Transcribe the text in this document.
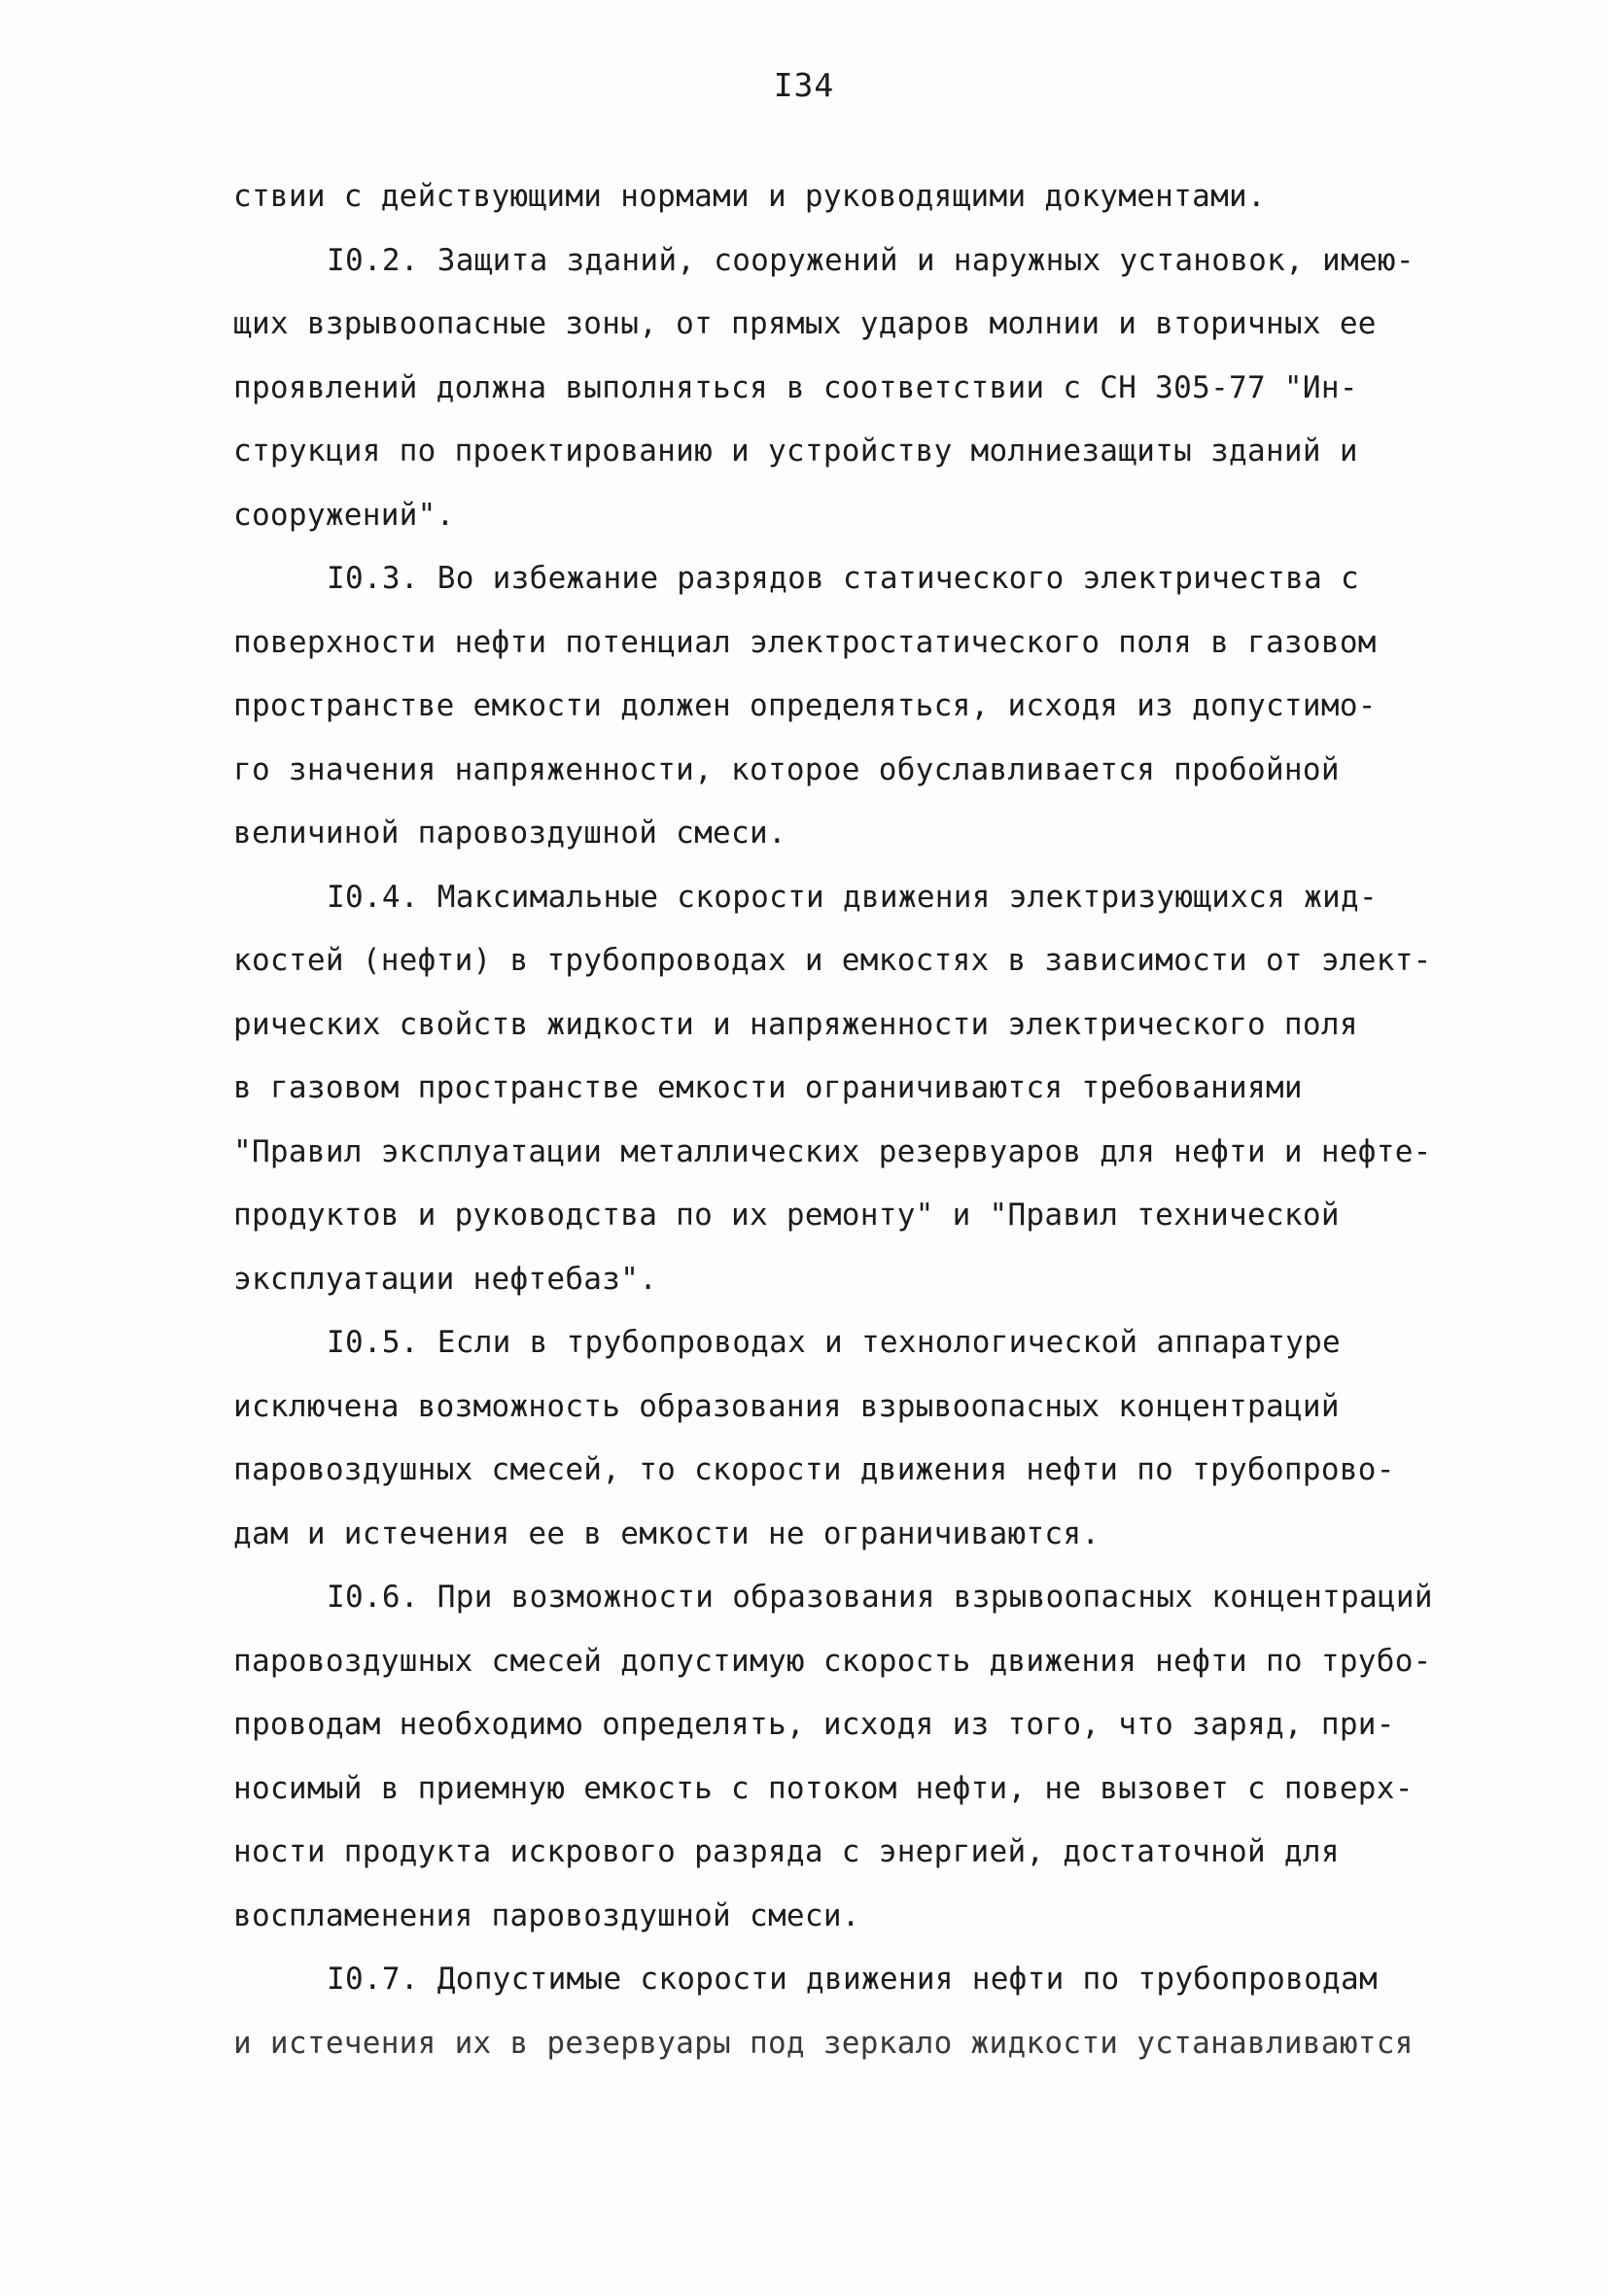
I34
ствии с действующими нормами и руководящими документами.
I0.2. Защита зданий, сооружений и наружных установок, имею-
щих взрывоопасные зоны, от прямых ударов молнии и вторичных ее
проявлений должна выполняться в соответствии с СН 305-77 "Ин-
струкция по проектированию и устройству молниезащиты зданий и
сооружений".
I0.3. Во избежание разрядов статического электричества с
поверхности нефти потенциал электростатического поля в газовом
пространстве емкости должен определяться, исходя из допустимо-
го значения напряженности, которое обуславливается пробойной
величиной паровоздушной смеси.
I0.4. Максимальные скорости движения электризующихся жид-
костей (нефти) в трубопроводах и емкостях в зависимости от элект-
рических свойств жидкости и напряженности электрического поля
в газовом пространстве емкости ограничиваются требованиями
"Правил эксплуатации металлических резервуаров для нефти и нефте-
продуктов и руководства по их ремонту" и "Правил технической
эксплуатации нефтебаз".
I0.5. Если в трубопроводах и технологической аппаратуре
исключена возможность образования взрывоопасных концентраций
паровоздушных смесей, то скорости движения нефти по трубопрово-
дам и истечения ее в емкости не ограничиваются.
I0.6. При возможности образования взрывоопасных концентраций
паровоздушных смесей допустимую скорость движения нефти по трубо-
проводам необходимо определять, исходя из того, что заряд, при-
носимый в приемную емкость с потоком нефти, не вызовет с поверх-
ности продукта искрового разряда с энергией, достаточной для
воспламенения паровоздушной смеси.
I0.7. Допустимые скорости движения нефти по трубопроводам
и истечения их в резервуары под зеркало жидкости устанавливаются
